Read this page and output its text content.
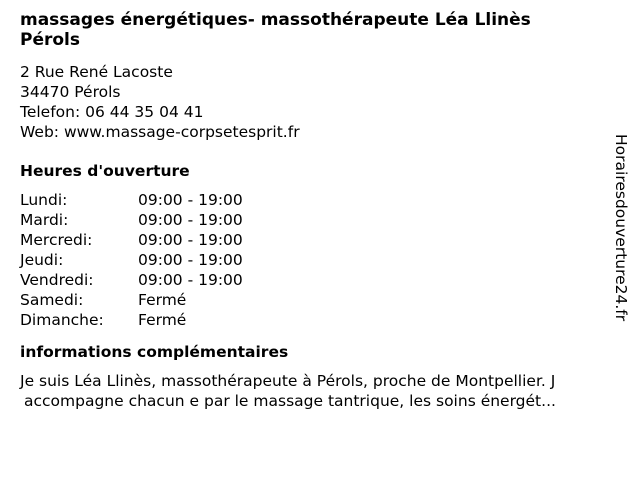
massages énergétiques- massothérapeute Léa Llinès
Pérols
2 Rue René Lacoste
34470 Pérols
Telefon: 06 44 35 04 41
Web: www.massage-corpsetesprit.fr
Heures d'ouverture
Lundi:	09:00 - 19:00
Mardi:	09:00 - 19:00
Mercredi:	09:00 - 19:00
Jeudi:	09:00 - 19:00
Vendredi:	09:00 - 19:00
Samedi:	Fermé
Dimanche:	Fermé
informations complémentaires
Je suis Léa Llinès, massothérapeute à Pérols, proche de Montpellier. J
accompagne chacun e par le massage tantrique, les soins énergét...
Horairesdouverture24.fr
